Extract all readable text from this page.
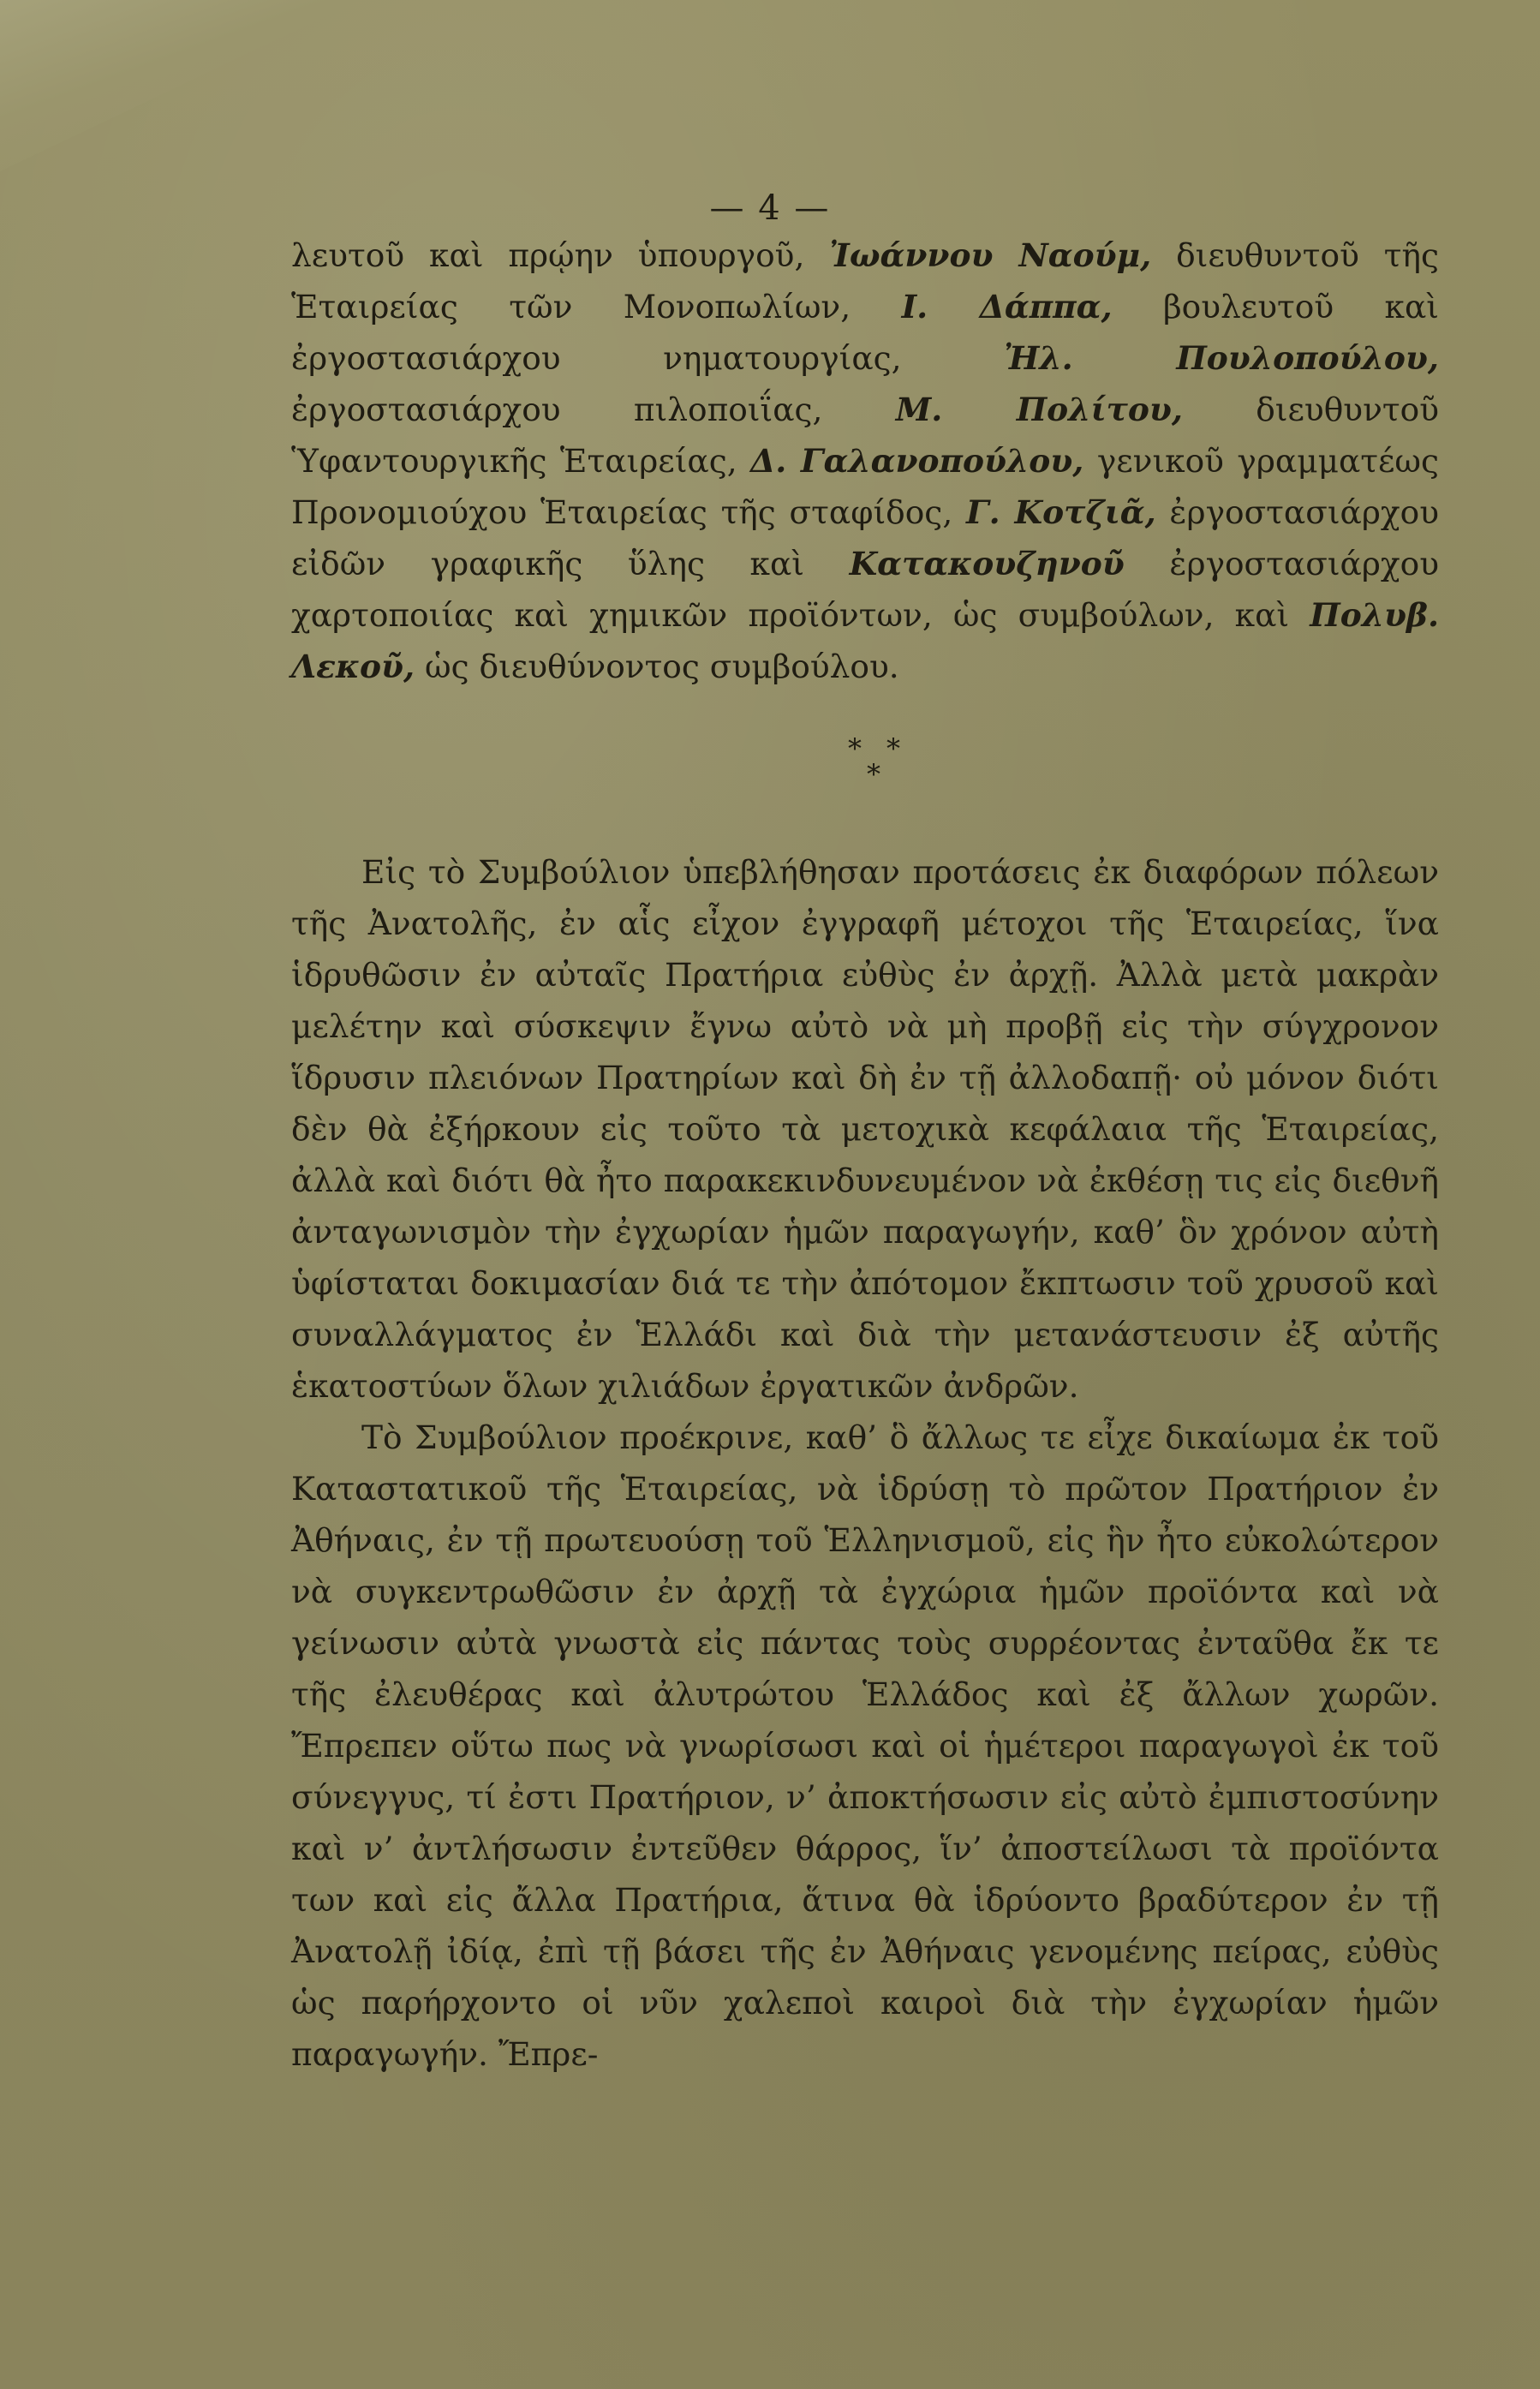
— 4 —

λευτοῦ καὶ πρῴην ὑπουργοῦ, Ἰωάννου Ναούμ, διευθυντοῦ τῆς Ἑταιρείας τῶν Μονοπωλίων, Ι. Δάππα, βουλευτοῦ καὶ ἐργοστασιάρχου νηματουργίας, Ἠλ. Πουλοπούλου, ἐργοστασιάρχου πιλοποιΐας, Μ. Πολίτου, διευθυντοῦ Ὑφαντουργικῆς Ἑταιρείας, Δ. Γαλανοπούλου, γενικοῦ γραμματέως Προνομιούχου Ἑταιρείας τῆς σταφίδος, Γ. Κοτζιᾶ, ἐργοστασιάρχου εἰδῶν γραφικῆς ὕλης καὶ Κατακουζηνοῦ ἐργοστασιάρχου χαρτοποιίας καὶ χημικῶν προϊόντων, ὡς συμβούλων, καὶ Πολυβ. Λεκοῦ, ὡς διευθύνοντος συμβούλου.

* *
*

Εἰς τὸ Συμβούλιον ὑπεβλήθησαν προτάσεις ἐκ διαφόρων πόλεων τῆς Ἀνατολῆς, ἐν αἷς εἶχον ἐγγραφῆ μέτοχοι τῆς Ἑταιρείας, ἵνα ἱδρυθῶσιν ἐν αὐταῖς Πρατήρια εὐθὺς ἐν ἀρχῇ. Ἀλλὰ μετὰ μακρὰν μελέτην καὶ σύσκεψιν ἔγνω αὐτὸ νὰ μὴ προβῇ εἰς τὴν σύγχρονον ἵδρυσιν πλειόνων Πρατηρίων καὶ δὴ ἐν τῇ ἀλλοδαπῇ· οὐ μόνον διότι δὲν θὰ ἐξήρκουν εἰς τοῦτο τὰ μετοχικὰ κεφάλαια τῆς Ἑταιρείας, ἀλλὰ καὶ διότι θὰ ἦτο παρακεκινδυνευμένον νὰ ἐκθέσῃ τις εἰς διεθνῆ ἀνταγωνισμὸν τὴν ἐγχωρίαν ἡμῶν παραγωγήν, καθ’ ὃν χρόνον αὐτὴ ὑφίσταται δοκιμασίαν διά τε τὴν ἀπότομον ἔκπτωσιν τοῦ χρυσοῦ καὶ συναλλάγματος ἐν Ἑλλάδι καὶ διὰ τὴν μετανάστευσιν ἐξ αὐτῆς ἑκατοστύων ὅλων χιλιάδων ἐργατικῶν ἀνδρῶν.

Τὸ Συμβούλιον προέκρινε, καθ’ ὃ ἄλλως τε εἶχε δικαίωμα ἐκ τοῦ Καταστατικοῦ τῆς Ἑταιρείας, νὰ ἱδρύσῃ τὸ πρῶτον Πρατήριον ἐν Ἀθήναις, ἐν τῇ πρωτευούσῃ τοῦ Ἑλληνισμοῦ, εἰς ἣν ἦτο εὐκολώτερον νὰ συγκεντρωθῶσιν ἐν ἀρχῇ τὰ ἐγχώρια ἡμῶν προϊόντα καὶ νὰ γείνωσιν αὐτὰ γνωστὰ εἰς πάντας τοὺς συρρέοντας ἐνταῦθα ἔκ τε τῆς ἐλευθέρας καὶ ἀλυτρώτου Ἑλλάδος καὶ ἐξ ἄλλων χωρῶν. Ἔπρεπεν οὕτω πως νὰ γνωρίσωσι καὶ οἱ ἡμέτεροι παραγωγοὶ ἐκ τοῦ σύνεγγυς, τί ἐστι Πρατήριον, ν’ ἀποκτήσωσιν εἰς αὐτὸ ἐμπιστοσύνην καὶ ν’ ἀντλήσωσιν ἐντεῦθεν θάρρος, ἵν’ ἀποστείλωσι τὰ προϊόντα των καὶ εἰς ἄλλα Πρατήρια, ἅτινα θὰ ἱδρύοντο βραδύτερον ἐν τῇ Ἀνατολῇ ἰδίᾳ, ἐπὶ τῇ βάσει τῆς ἐν Ἀθήναις γενομένης πείρας, εὐθὺς ὡς παρήρχοντο οἱ νῦν χαλεποὶ καιροὶ διὰ τὴν ἐγχωρίαν ἡμῶν παραγωγήν. Ἔπρε-
